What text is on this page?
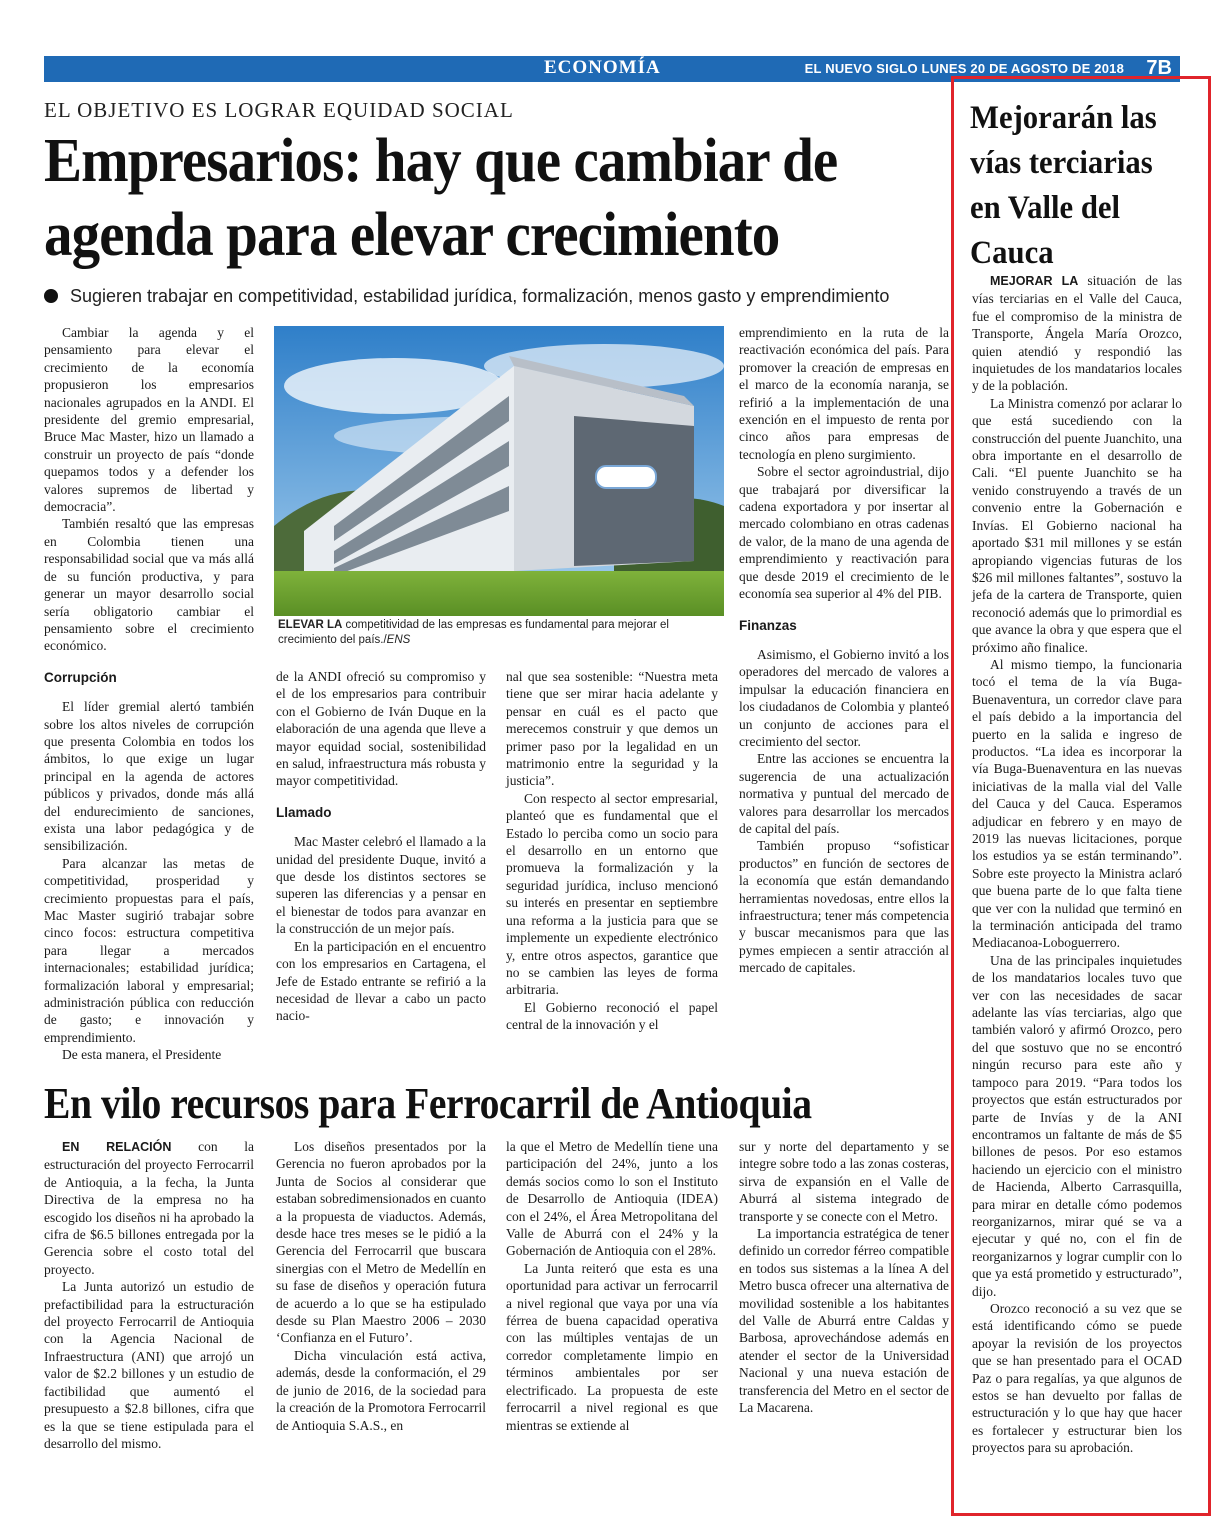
ECONOMÍA	EL NUEVO SIGLO LUNES 20 DE AGOSTO DE 2018 7B
EL OBJETIVO ES LOGRAR EQUIDAD SOCIAL
Empresarios: hay que cambiar de agenda para elevar crecimiento
Sugieren trabajar en competitividad, estabilidad jurídica, formalización, menos gasto y emprendimiento

Cambiar la agenda y el pensamiento para elevar el crecimiento de la economía propusieron los empresarios nacionales agrupados en la ANDI. El presidente del gremio empresarial, Bruce Mac Master, hizo un llamado a construir un proyecto de país “donde quepamos todos y a defender los valores supremos de libertad y democracia”.

También resaltó que las empresas en Colombia tienen una responsabilidad social que va más allá de su función productiva, y para generar un mayor desarrollo social sería obligatorio cambiar el pensamiento sobre el crecimiento económico.

Corrupción

El líder gremial alertó también sobre los altos niveles de corrupción que presenta Colombia en todos los ámbitos, lo que exige un lugar principal en la agenda de actores públicos y privados, donde más allá del endurecimiento de sanciones, exista una labor pedagógica y de sensibilización.

Para alcanzar las metas de competitividad, prosperidad y crecimiento propuestas para el país, Mac Master sugirió trabajar sobre cinco focos: estructura competitiva para llegar a mercados internacionales; estabilidad jurídica; formalización laboral y empresarial; administración pública con reducción de gasto; e innovación y emprendimiento.

De esta manera, el Presidente

ELEVAR LA competitividad de las empresas es fundamental para mejorar el crecimiento del país./ENS

de la ANDI ofreció su compromiso y el de los empresarios para contribuir con el Gobierno de Iván Duque en la elaboración de una agenda que lleve a mayor equidad social, sostenibilidad en salud, infraestructura más robusta y mayor competitividad.

Llamado

Mac Master celebró el llamado a la unidad del presidente Duque, invitó a que desde los distintos sectores se superen las diferencias y a pensar en el bienestar de todos para avanzar en la construcción de un mejor país.

En la participación en el encuentro con los empresarios en Cartagena, el Jefe de Estado entrante se refirió a la necesidad de llevar a cabo un pacto nacio-

nal que sea sostenible: “Nuestra meta tiene que ser mirar hacia adelante y pensar en cuál es el pacto que merecemos construir y que demos un primer paso por la legalidad en un matrimonio entre la seguridad y la justicia”.

Con respecto al sector empresarial, planteó que es fundamental que el Estado lo perciba como un socio para el desarrollo en un entorno que promueva la formalización y la seguridad jurídica, incluso mencionó su interés en presentar en septiembre una reforma a la justicia para que se implemente un expediente electrónico y, entre otros aspectos, garantice que no se cambien las leyes de forma arbitraria.

El Gobierno reconoció el papel central de la innovación y el

emprendimiento en la ruta de la reactivación económica del país. Para promover la creación de empresas en el marco de la economía naranja, se refirió a la implementación de una exención en el impuesto de renta por cinco años para empresas de tecnología en pleno surgimiento.

Sobre el sector agroindustrial, dijo que trabajará por diversificar la cadena exportadora y por insertar al mercado colombiano en otras cadenas de valor, de la mano de una agenda de emprendimiento y reactivación para que desde 2019 el crecimiento de le economía sea superior al 4% del PIB.

Finanzas

Asimismo, el Gobierno invitó a los operadores del mercado de valores a impulsar la educación financiera en los ciudadanos de Colombia y planteó un conjunto de acciones para el crecimiento del sector.

Entre las acciones se encuentra la sugerencia de una actualización normativa y puntual del mercado de valores para desarrollar los mercados de capital del país.

También propuso “sofisticar productos” en función de sectores de la economía que están demandando herramientas novedosas, entre ellos la infraestructura; tener más competencia y buscar mecanismos para que las pymes empiecen a sentir atracción al mercado de capitales.

En vilo recursos para Ferrocarril de Antioquia

EN RELACIÓN con la estructuración del proyecto Ferrocarril de Antioquia, a la fecha, la Junta Directiva de la empresa no ha escogido los diseños ni ha aprobado la cifra de $6.5 billones entregada por la Gerencia sobre el costo total del proyecto.

La Junta autorizó un estudio de prefactibilidad para la estructuración del proyecto Ferrocarril de Antioquia con la Agencia Nacional de Infraestructura (ANI) que arrojó un valor de $2.2 billones y un estudio de factibilidad que aumentó el presupuesto a $2.8 billones, cifra que es la que se tiene estipulada para el desarrollo del mismo.

Los diseños presentados por la Gerencia no fueron aprobados por la Junta de Socios al considerar que estaban sobredimensionados en cuanto a la propuesta de viaductos. Además, desde hace tres meses se le pidió a la Gerencia del Ferrocarril que buscara sinergias con el Metro de Medellín en su fase de diseños y operación futura de acuerdo a lo que se ha estipulado desde su Plan Maestro 2006 – 2030 ‘Confianza en el Futuro’.

Dicha vinculación está activa, además, desde la conformación, el 29 de junio de 2016, de la sociedad para la creación de la Promotora Ferrocarril de Antioquia S.A.S., en

la que el Metro de Medellín tiene una participación del 24%, junto a los demás socios como lo son el Instituto de Desarrollo de Antioquia (IDEA) con el 24%, el Área Metropolitana del Valle de Aburrá con el 24% y la Gobernación de Antioquia con el 28%.

La Junta reiteró que esta es una oportunidad para activar un ferrocarril a nivel regional que vaya por una vía férrea de buena capacidad operativa con las múltiples ventajas de un corredor completamente limpio en términos ambientales por ser electrificado. La propuesta de este ferrocarril a nivel regional es que mientras se extiende al

sur y norte del departamento y se integre sobre todo a las zonas costeras, sirva de expansión en el Valle de Aburrá al sistema integrado de transporte y se conecte con el Metro.

La importancia estratégica de tener definido un corredor férreo compatible en todos sus sistemas a la línea A del Metro busca ofrecer una alternativa de movilidad sostenible a los habitantes del Valle de Aburrá entre Caldas y Barbosa, aprovechándose además en atender el sector de la Universidad Nacional y una nueva estación de transferencia del Metro en el sector de La Macarena.

Mejorarán las vías terciarias en Valle del Cauca

MEJORAR LA situación de las vías terciarias en el Valle del Cauca, fue el compromiso de la ministra de Transporte, Ángela María Orozco, quien atendió y respondió las inquietudes de los mandatarios locales y de la población.

La Ministra comenzó por aclarar lo que está sucediendo con la construcción del puente Juanchito, una obra importante en el desarrollo de Cali. “El puente Juanchito se ha venido construyendo a través de un convenio entre la Gobernación e Invías. El Gobierno nacional ha aportado $31 mil millones y se están apropiando vigencias futuras de los $26 mil millones faltantes”, sostuvo la jefa de la cartera de Transporte, quien reconoció además que lo primordial es que avance la obra y que espera que el próximo año finalice.

Al mismo tiempo, la funcionaria tocó el tema de la vía Buga-Buenaventura, un corredor clave para el país debido a la importancia del puerto en la salida e ingreso de productos. “La idea es incorporar la vía Buga-Buenaventura en las nuevas iniciativas de la malla vial del Valle del Cauca y del Cauca. Esperamos adjudicar en febrero y en mayo de 2019 las nuevas licitaciones, porque los estudios ya se están terminando”. Sobre este proyecto la Ministra aclaró que buena parte de lo que falta tiene que ver con la nulidad que terminó en la terminación anticipada del tramo Mediacanoa-Loboguerrero.

Una de las principales inquietudes de los mandatarios locales tuvo que ver con las necesidades de sacar adelante las vías terciarias, algo que también valoró y afirmó Orozco, pero del que sostuvo que no se encontró ningún recurso para este año y tampoco para 2019. “Para todos los proyectos que están estructurados por parte de Invías y de la ANI encontramos un faltante de más de $5 billones de pesos. Por eso estamos haciendo un ejercicio con el ministro de Hacienda, Alberto Carrasquilla, para mirar en detalle cómo podemos reorganizarnos, mirar qué se va a ejecutar y qué no, con el fin de reorganizarnos y lograr cumplir con lo que ya está prometido y estructurado”, dijo.

Orozco reconoció a su vez que se está identificando cómo se puede apoyar la revisión de los proyectos que se han presentado para el OCAD Paz o para regalías, ya que algunos de estos se han devuelto por fallas de estructuración y lo que hay que hacer es fortalecer y estructurar bien los proyectos para su aprobación.
